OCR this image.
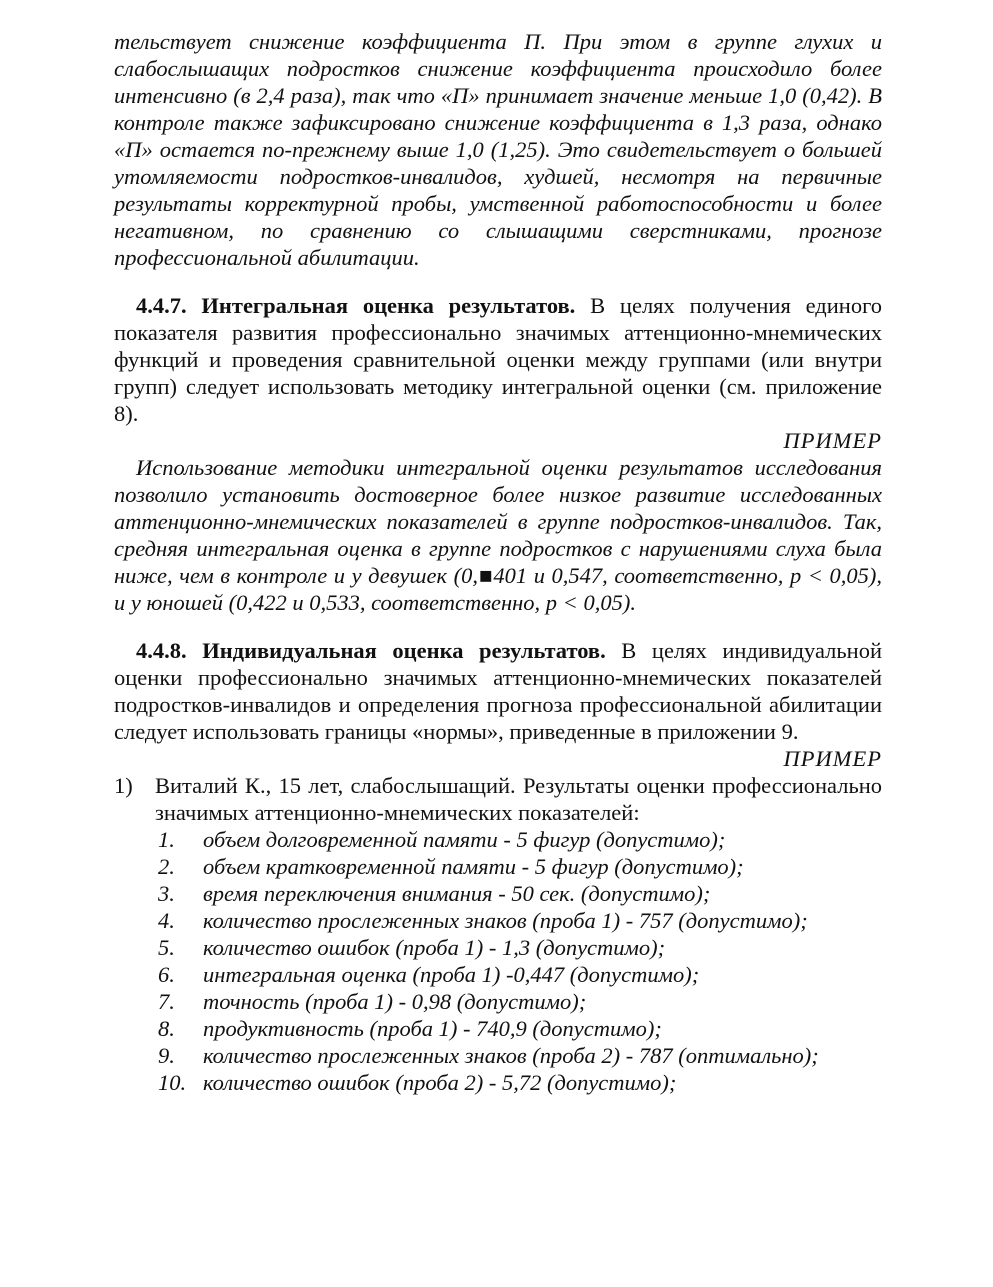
тельствует снижение коэффициента П. При этом в группе глухих и слабослышащих подростков снижение коэффициента происходило более интенсивно (в 2,4 раза), так что «П» принимает значение меньше 1,0 (0,42). В контроле также зафиксировано снижение коэффициента в 1,3 раза, однако «П» остается по-прежнему выше 1,0 (1,25). Это свидетельствует о большей утомляемости подростков-инвалидов, худшей, несмотря на первичные результаты корректурной пробы, умственной работоспособности и более негативном, по сравнению со слышащими сверстниками, прогнозе профессиональной абилитации.

4.4.7. Интегральная оценка результатов. В целях получения единого показателя развития профессионально значимых аттенционно-мнемических функций и проведения сравнительной оценки между группами (или внутри групп) следует использовать методику интегральной оценки (см. приложение 8).

ПРИМЕР

Использование методики интегральной оценки результатов исследования позволило установить достоверное более низкое развитие исследованных аттенционно-мнемических показателей в группе подростков-инвалидов. Так, средняя интегральная оценка в группе подростков с нарушениями слуха была ниже, чем в контроле и у девушек (0,■401 и 0,547, соответственно, p < 0,05), и у юношей (0,422 и 0,533, соответственно, p < 0,05).

4.4.8. Индивидуальная оценка результатов. В целях индивидуальной оценки профессионально значимых аттенционно-мнемических показателей подростков-инвалидов и определения прогноза профессиональной абилитации следует использовать границы «нормы», приведенные в приложении 9.

ПРИМЕР

1) Виталий К., 15 лет, слабослышащий. Результаты оценки профессионально значимых аттенционно-мнемических показателей:

1. объем долговременной памяти - 5 фигур (допустимо);
2. объем кратковременной памяти - 5 фигур (допустимо);
3. время переключения внимания - 50 сек. (допустимо);
4. количество прослеженных знаков (проба 1) - 757 (допустимо);
5. количество ошибок (проба 1) - 1,3 (допустимо);
6. интегральная оценка (проба 1) -0,447 (допустимо);
7. точность (проба 1) - 0,98 (допустимо);
8. продуктивность (проба 1) - 740,9 (допустимо);
9. количество прослеженных знаков (проба 2) - 787 (оптимально);
10. количество ошибок (проба 2) - 5,72 (допустимо);
